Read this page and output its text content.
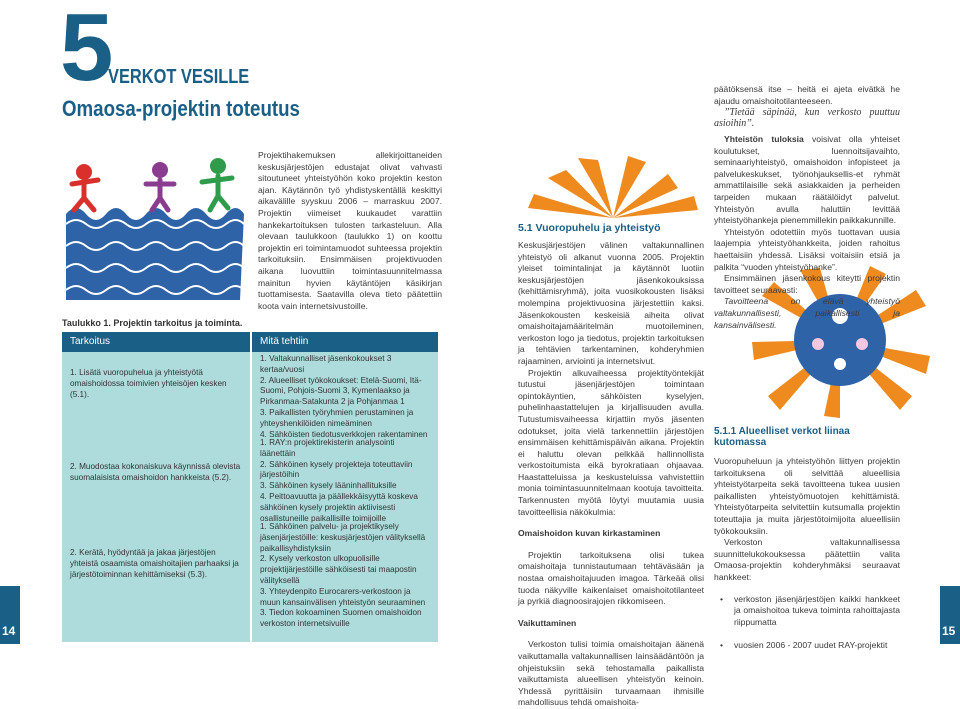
5
VERKOT VESILLE
Omaosa-projektin toteutus
Projektihakemuksen allekirjoittaneiden keskusjärjestöjen edustajat olivat vahvasti sitoutuneet yhteistyöhön koko projektin keston ajan. Käytännön työ yhdistyskentällä keskittyi aikavälille syyskuu 2006 – marraskuu 2007. Projektin viimeiset kuukaudet varattiin hankekartoituksen tulosten tarkasteluun. Alla olevaan taulukkoon (taulukko 1) on koottu projektin eri toimintamuodot suhteessa projektin tarkoituksiin. Ensimmäisen projektivuoden aikana luovuttiin toimintasuunnitelmassa mainitun hyvien käytäntöjen käsikirjan tuottamisesta. Saatavilla oleva tieto päätettiin koota vain internetsivustoille.
Taulukko 1. Projektin tarkoitus ja toiminta.
Tarkoitus
1. Lisätä vuoropuhelua ja yhteistyötä omaishoidossa toimivien yhteisöjen kesken (5.1).
2. Muodostaa kokonaiskuva käynnissä olevista suomalaisista omaishoidon hankkeista (5.2).
2. Kerätä, hyödyntää ja jakaa järjestöjen yhteistä osaamista omaishoitajien parhaaksi ja järjestötoiminnan kehittämiseksi (5.3).
Mitä tehtiin
1. Valtakunnalliset jäsenkokoukset 3 kertaa/vuosi
2. Alueelliset työkokoukset: Etelä-Suomi, Itä-Suomi, Pohjois-Suomi 3, Kymenlaakso ja Pirkanmaa-Satakunta 2 ja Pohjanmaa 1
3. Paikallisten työryhmien perustaminen ja yhteyshenkilöiden nimeäminen
4. Sähköisten tiedotusverkkojen rakentaminen
1. RAY:n projektirekisterin analysointi läänettäin
2. Sähköinen kysely projekteja toteuttaviin järjestöihin
3. Sähköinen kysely lääninhallituksille
4. Peittoavuutta ja päällekkäisyyttä koskeva sähköinen kysely projektin aktiivisesti osallistuneille paikallisille toimijoille
1. Sähköinen palvelu- ja projektikysely jäsenjärjestöille: keskusjärjestöjen välityksellä paikallisyhdistyksiin
2. Kysely verkoston ulkopuolisille projektijärjestöille sähköisesti tai maapostin välityksellä
3. Yhteydenpito Eurocarers-verkostoon ja muun kansainvälisen yhteistyön seuraaminen
3. Tiedon kokoaminen Suomen omaishoidon verkoston internetsivuille
14
päätöksensä itse – heitä ei ajeta eivätkä he ajaudu omaishoitotilanteeseen.
”Tietää säpinää, kun verkosto puuttuu asioihin”.
5.1 Vuoropuhelu ja yhteistyö
Keskusjärjestöjen välinen valtakunnallinen yhteistyö oli alkanut vuonna 2005. Projektin yleiset toimintalinjat ja käytännöt luotiin keskusjärjestöjen jäsenkokouksissa (kehittämisryhmä), joita vuosikokousten lisäksi molempina projektivuosina järjestettiin kaksi. Jäsenkokousten keskeisiä aiheita olivat omaishoitajamääritelmän muotoileminen, verkoston logo ja tiedotus, projektin tarkoituksen ja tehtävien tarkentaminen, kohderyhmien rajaaminen, arviointi ja internetsivut.
Projektin alkuvaiheessa projektityöntekijät tutustui jäsenjärjestöjen toimintaan opintokäyntien, sähköisten kyselyjen, puhelinhaastattelujen ja kirjallisuuden avulla. Tutustumisvaiheessa kirjattiin myös jäsenten odotukset, joita vielä tarkennettiin järjestöjen ensimmäisen kehittämispäivän aikana. Projektin ei haluttu olevan pelkkää hallinnollista verkostoitumista eikä byrokratiaan ohjaavaa. Haastatteluissa ja keskusteluissa vahvistettiin monia toimintasuunnitelmaan kootuja tavoitteita. Tarkennusten myötä löytyi muutamia uusia tavoitteellisia näkökulmia:
Omaishoidon kuvan kirkastaminen
Projektin tarkoituksena olisi tukea omaishoitaja tunnistautumaan tehtäväsään ja nostaa omaishoitajuuden imagoa. Tärkeää olisi tuoda näkyville kaikenlaiset omaishoitotilanteet ja pyrkiä diagnoosirajojen rikkomiseen.
Vaikuttaminen
Verkoston tulisi toimia omaishoitajan äänenä vaikuttamalla valtakunnallisen lainsäädäntöön ja ohjeistuksiin sekä tehostamalla paikallista vaikuttamista alueellisen yhteistyön keinoin. Yhdessä pyrittäisiin turvaamaan ihmisille mahdollisuus tehdä omaishoita-
Yhteistön tuloksia voisivat olla yhteiset koulutukset, luennoitsijavaihto, seminaariyhteistyö, omaishoidon infopisteet ja palvelukeskukset, työnohjauksellis-et ryhmät ammattilaisille sekä asiakkaiden ja perheiden tarpeiden mukaan räätälöidyt palvelut. Yhteistyön avulla haluttiin levittää yhteistyöhankeja pienemmillekin paikkakunnille.
Yhteistyön odotettiin myös tuottavan uusia laajempia yhteistyöhankkeita, joiden rahoitus haettaisiin yhdessä. Lisäksi voitaisiin etsiä ja palkita “vuoden yhteistyöhanke”.
Ensimmäinen jäsenkokous kiteytti projektin tavoitteet seuraavasti:
Tavoitteena on elävä yhteistyö valtakunnallisesti, paikallisesti ja kansainvälisesti.
5.1.1 Alueelliset verkot liinaa kutomassa
Vuoropuheluun ja yhteistyöhön liittyen projektin tarkoituksena oli selvittää alueellisia yhteistyötarpeita sekä tavoitteena tukea uusien paikallisten yhteistyömuotojen kehittämistä. Yhteistyötarpeita selvitettiin kutsumalla projektin toteuttajia ja muita järjestötoimijoita alueellisiin työkokouksiin.
Verkoston valtakunnallisessa suunnittelukokouksessa päätettiin valita Omaosa-projektin kohderyhmäksi seuraavat hankkeet:
• verkoston jäsenjärjestöjen kaikki hankkeet ja omaishoitoa tukeva toiminta rahoittajasta riippumatta
• vuosien 2006 - 2007 uudet RAY-projektit
15
